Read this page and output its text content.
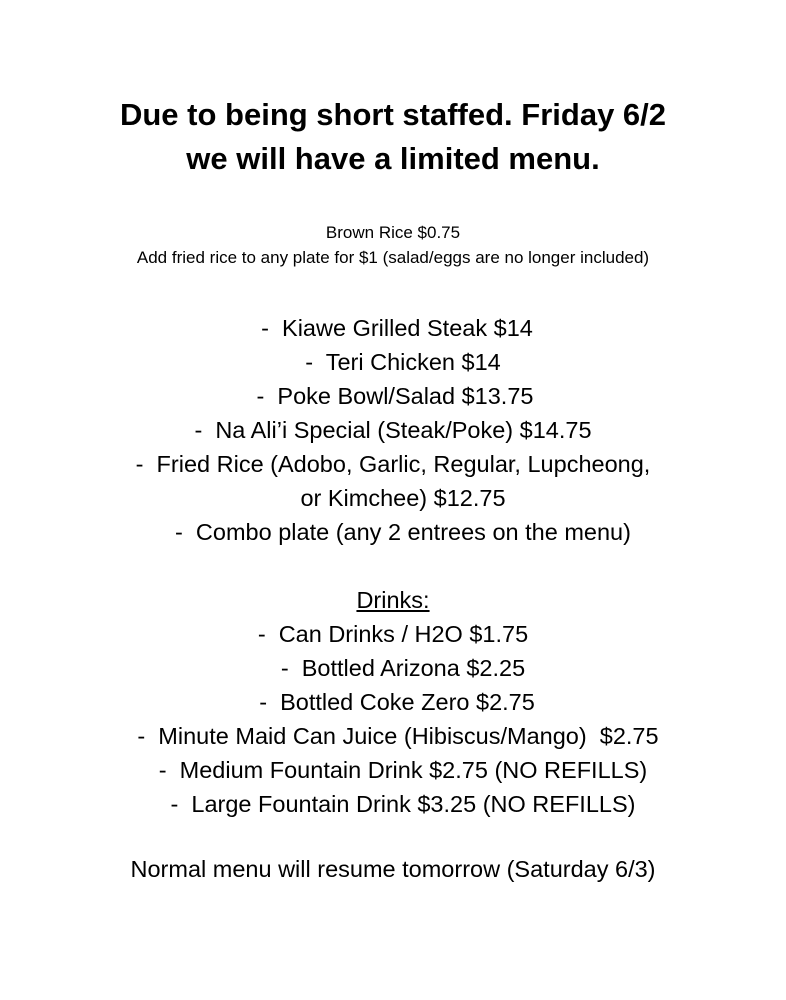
Due to being short staffed. Friday 6/2
we will have a limited menu.
Brown Rice $0.75
Add fried rice to any plate for $1 (salad/eggs are no longer included)
-  Kiawe Grilled Steak $14
-  Teri Chicken $14
-  Poke Bowl/Salad $13.75
-  Na Ali’i Special (Steak/Poke) $14.75
-  Fried Rice (Adobo, Garlic, Regular, Lupcheong,
or Kimchee) $12.75
-  Combo plate (any 2 entrees on the menu)
Drinks:
-  Can Drinks / H2O $1.75
-  Bottled Arizona $2.25
-  Bottled Coke Zero $2.75
-  Minute Maid Can Juice (Hibiscus/Mango)  $2.75
-  Medium Fountain Drink $2.75 (NO REFILLS)
-  Large Fountain Drink $3.25 (NO REFILLS)
Normal menu will resume tomorrow (Saturday 6/3)
